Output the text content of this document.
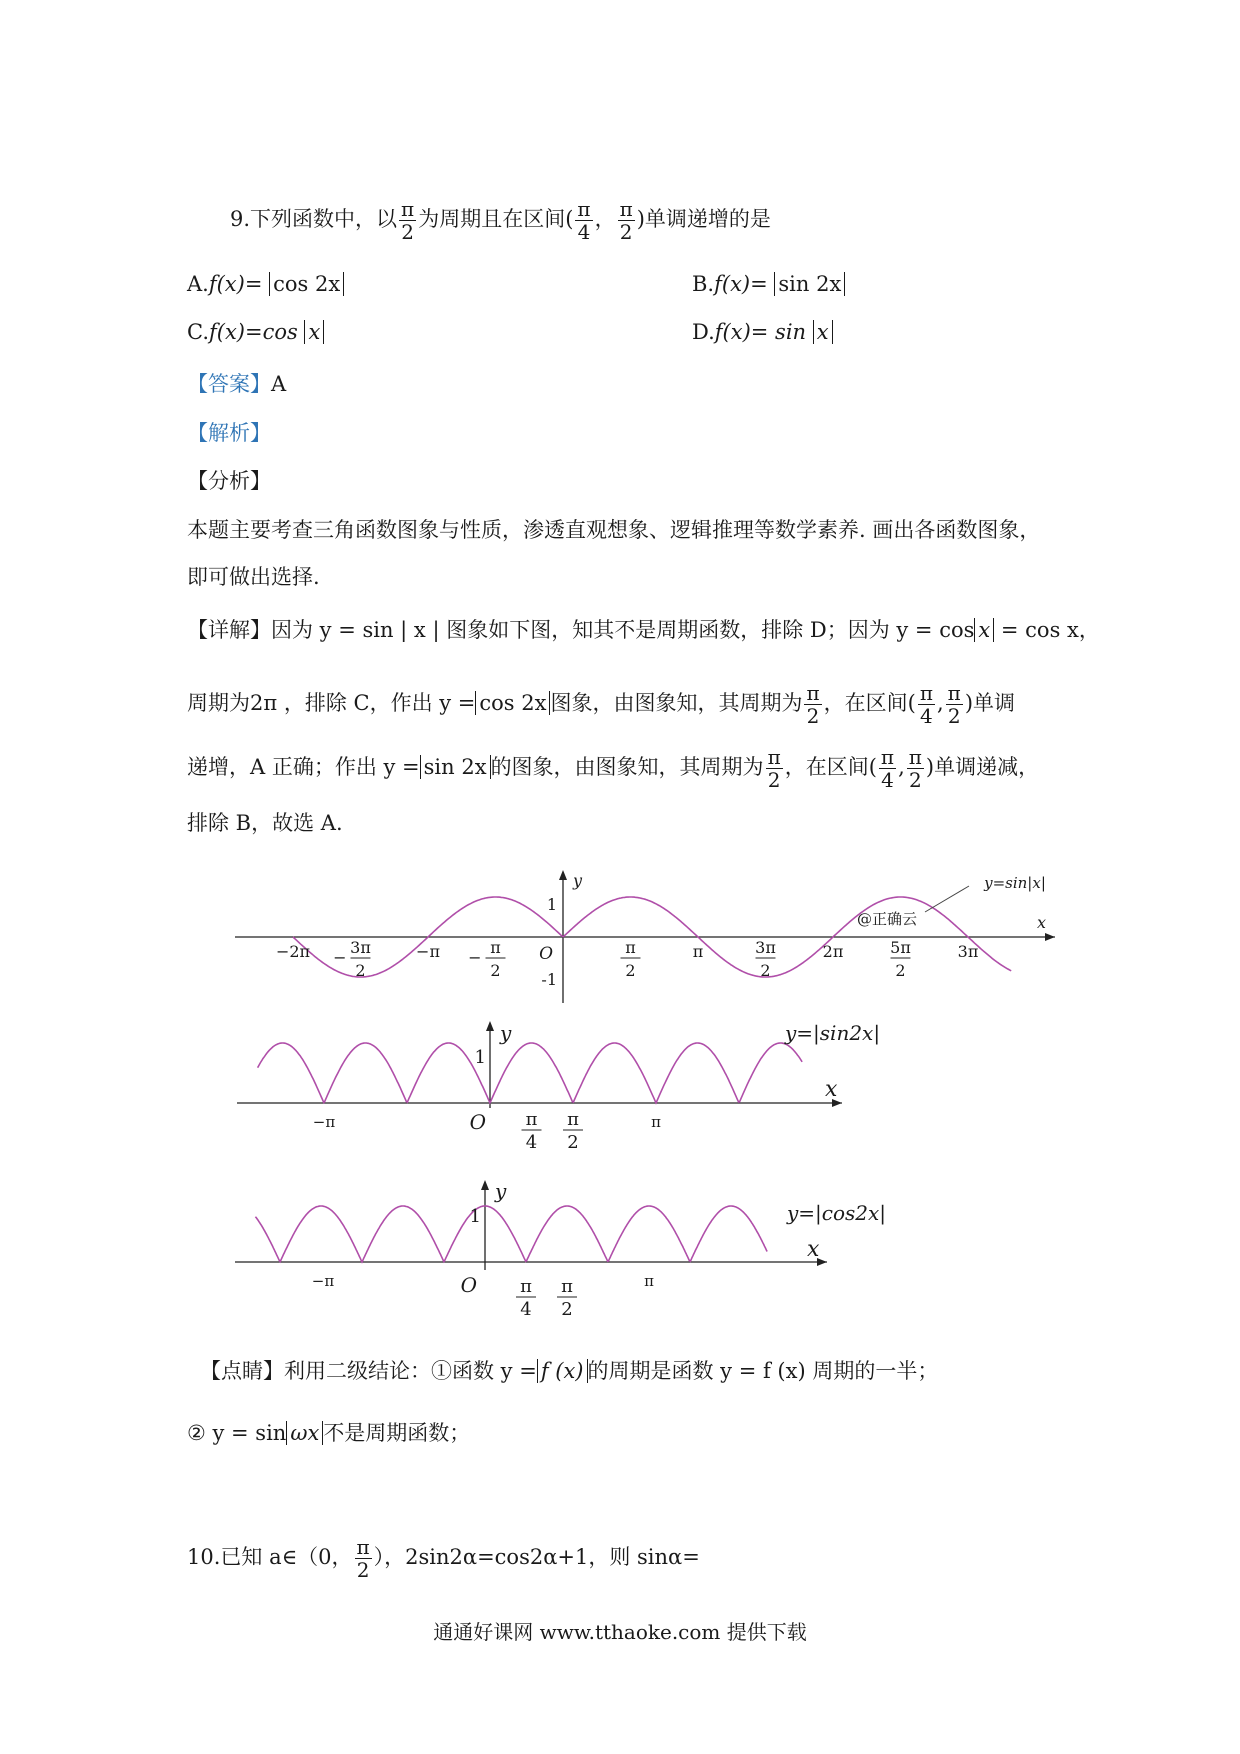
9.下列函数中，以 $\frac{\pi}{2}$ 为周期且在区间( $\frac{\pi}{4}$ ， $\frac{\pi}{2}$ )单调递增的是
A.f(x)= cos 2x	B.f(x)= sin 2x
C.f(x)=cos x	D.f(x)= sin x
【答案】A
【解析】
【分析】
本题主要考查三角函数图象与性质，渗透直观想象、逻辑推理等数学素养. 画出各函数图象，
即可做出选择.
【详解】因为 y = sin | x | 图象如下图，知其不是周期函数，排除 D；因为 y = cos x = cos x，
周期为2π ，排除 C，作出 y = cos 2x 图象，由图象知，其周期为 $\frac{\pi}{2}$ ，在区间( $\frac{\pi}{4}$ , $\frac{\pi}{2}$ )单调
递增，A 正确；作出 y = sin 2x 的图象，由图象知，其周期为 $\frac{\pi}{2}$ ，在区间( $\frac{\pi}{4}$ , $\frac{\pi}{2}$ )单调递减，
排除 B，故选 A.
−2π	−π	π	2π	3π
−
3π
2
−
π
2
π
2
3π
2
5π
2
O
1
-1
y
x
@正确云
y=sin|x|
−π	π
π
4
π
2
O
1
y
x
y=|sin2x|
−π	π
π
4
π
2
O
1
y
x
y=|cos2x|
【点睛】利用二级结论：①函数 y = f (x) 的周期是函数 y = f (x) 周期的一半；
② y = sin ωx 不是周期函数；
10.已知 a∈（0， $\frac{\pi}{2}$ ），2sin2α=cos2α+1，则 sinα=
通通好课网 www.tthaoke.com 提供下载
